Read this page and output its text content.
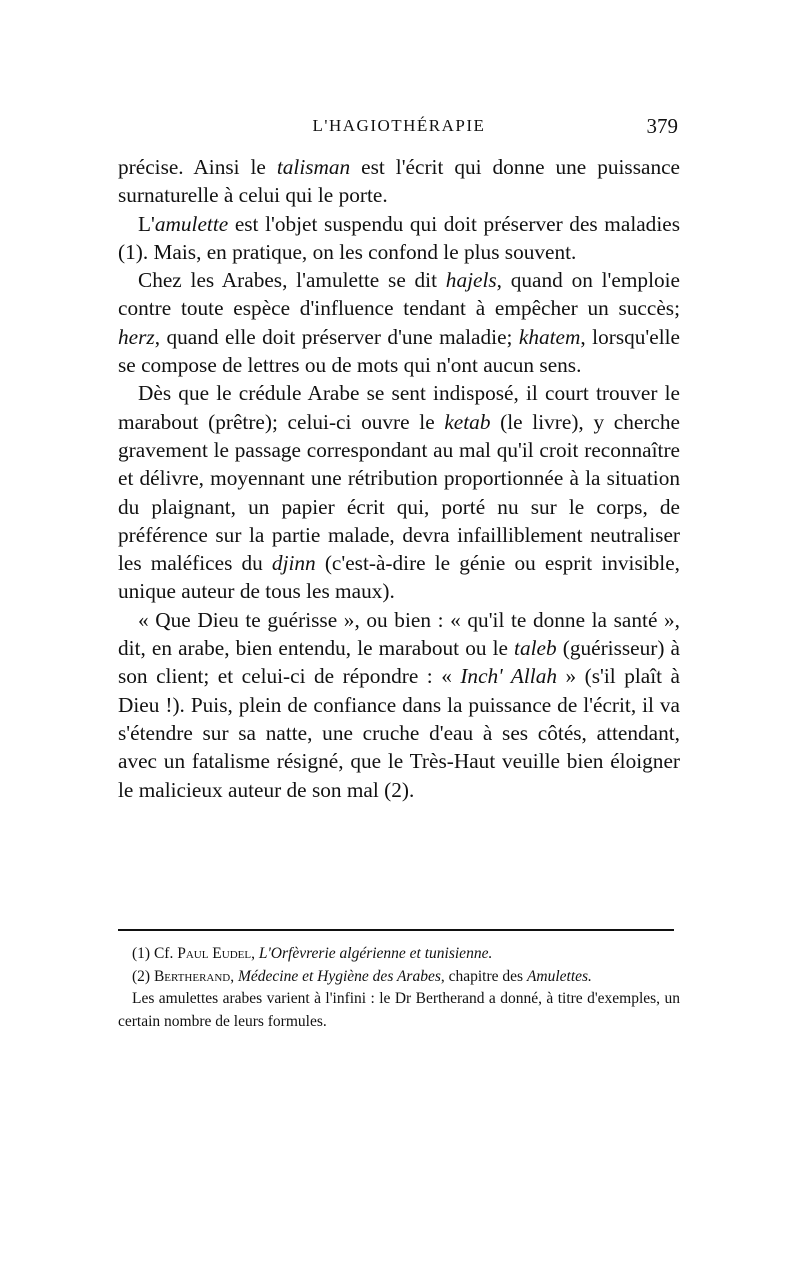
L'HAGIOTHÉRAPIE	379

précise. Ainsi le talisman est l'écrit qui donne une puissance surnaturelle à celui qui le porte.

L'amulette est l'objet suspendu qui doit préserver des maladies (1). Mais, en pratique, on les confond le plus souvent.

Chez les Arabes, l'amulette se dit hajels, quand on l'emploie contre toute espèce d'influence tendant à empêcher un succès; herz, quand elle doit préserver d'une maladie; khatem, lorsqu'elle se compose de lettres ou de mots qui n'ont aucun sens.

Dès que le crédule Arabe se sent indisposé, il court trouver le marabout (prêtre); celui-ci ouvre le ketab (le livre), y cherche gravement le passage correspondant au mal qu'il croit reconnaître et délivre, moyennant une rétribution proportionnée à la situation du plaignant, un papier écrit qui, porté nu sur le corps, de préférence sur la partie malade, devra infailliblement neutraliser les maléfices du djinn (c'est-à-dire le génie ou esprit invisible, unique auteur de tous les maux).

« Que Dieu te guérisse », ou bien : « qu'il te donne la santé », dit, en arabe, bien entendu, le marabout ou le taleb (guérisseur) à son client; et celui-ci de répondre : « Inch' Allah » (s'il plaît à Dieu !). Puis, plein de confiance dans la puissance de l'écrit, il va s'étendre sur sa natte, une cruche d'eau à ses côtés, attendant, avec un fatalisme résigné, que le Très-Haut veuille bien éloigner le malicieux auteur de son mal (2).

(1) Cf. Paul Eudel, L'Orfèvrerie algérienne et tunisienne.

(2) Bertherand, Médecine et Hygiène des Arabes, chapitre des Amulettes.

Les amulettes arabes varient à l'infini : le Dr Bertherand a donné, à titre d'exemples, un certain nombre de leurs formules.
